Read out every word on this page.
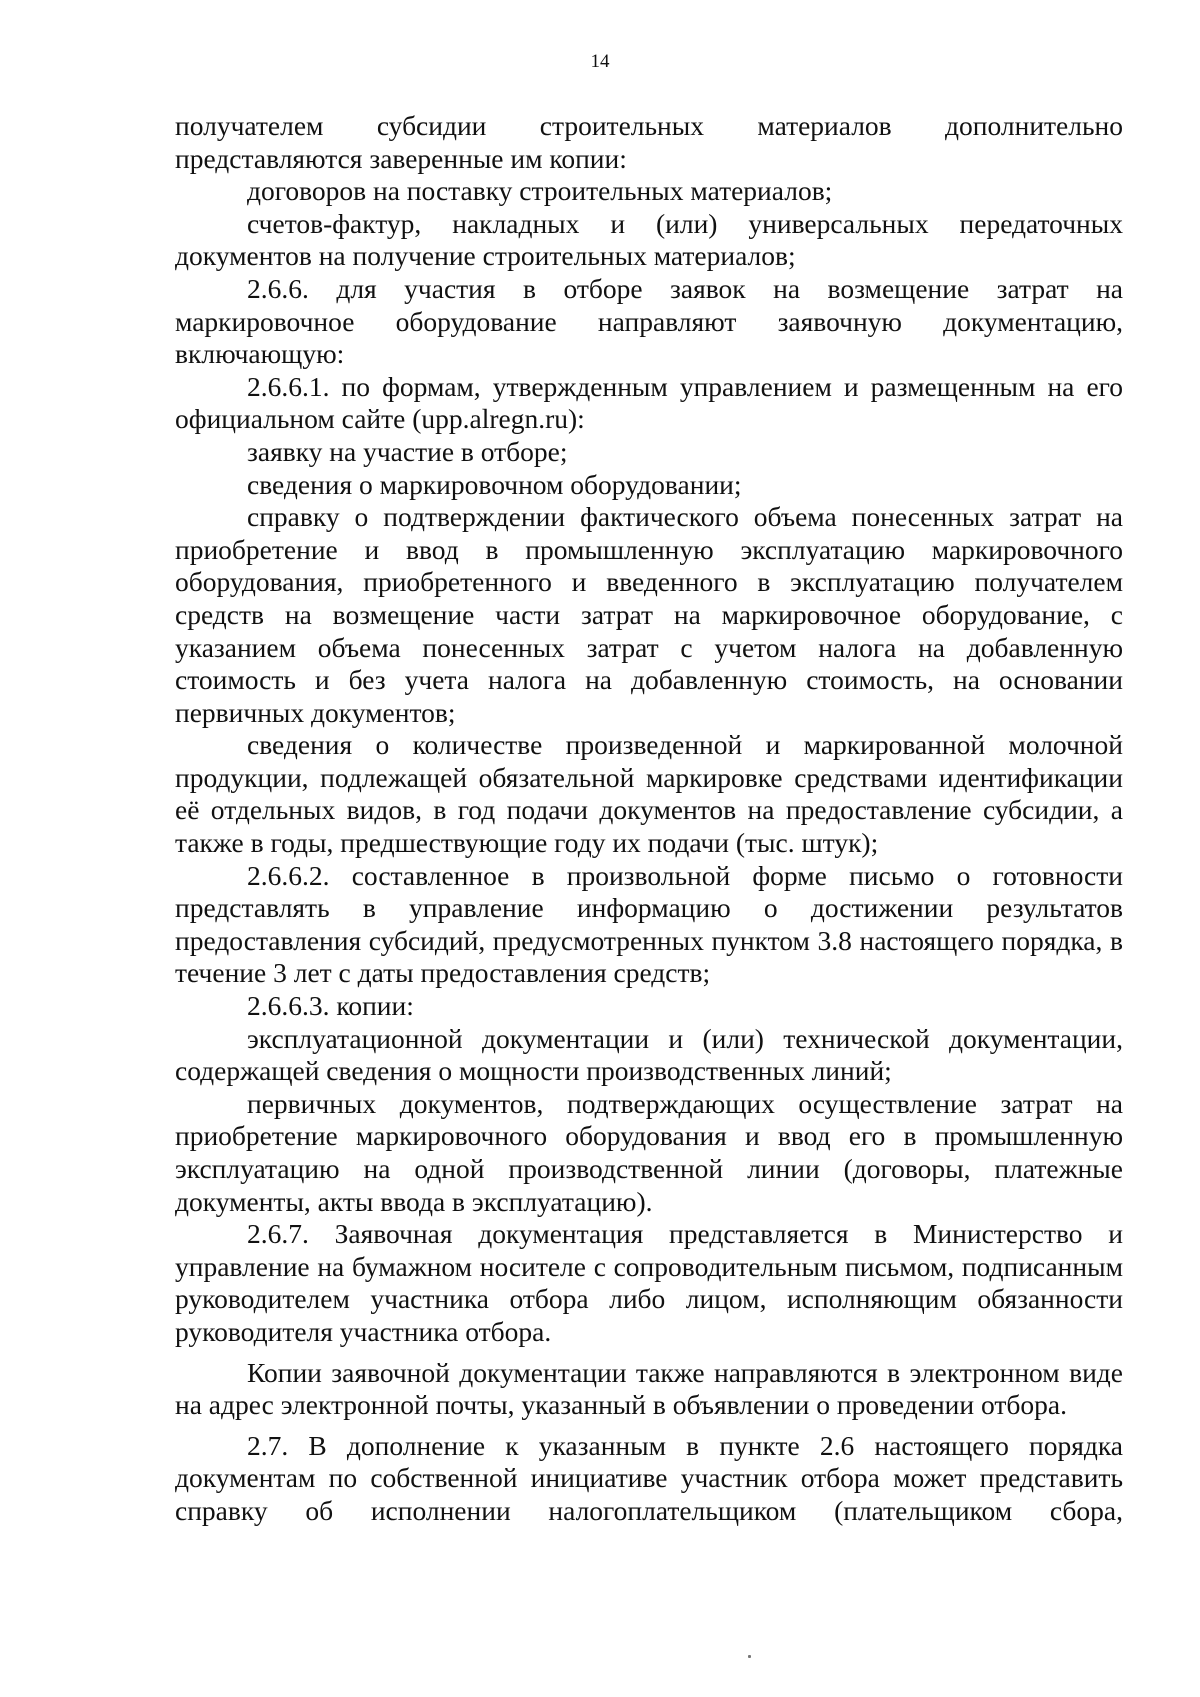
14

получателем субсидии строительных материалов дополнительно представляются заверенные им копии:

договоров на поставку строительных материалов;

счетов-фактур, накладных и (или) универсальных передаточных документов на получение строительных материалов;

2.6.6. для участия в отборе заявок на возмещение затрат на маркировочное оборудование направляют заявочную документацию, включающую:

2.6.6.1. по формам, утвержденным управлением и размещенным на его официальном сайте (upp.alregn.ru):

заявку на участие в отборе;

сведения о маркировочном оборудовании;

справку о подтверждении фактического объема понесенных затрат на приобретение и ввод в промышленную эксплуатацию маркировочного оборудования, приобретенного и введенного в эксплуатацию получателем средств на возмещение части затрат на маркировочное оборудование, с указанием объема понесенных затрат с учетом налога на добавленную стоимость и без учета налога на добавленную стоимость, на основании первичных документов;

сведения о количестве произведенной и маркированной молочной продукции, подлежащей обязательной маркировке средствами идентификации её отдельных видов, в год подачи документов на предоставление субсидии, а также в годы, предшествующие году их подачи (тыс. штук);

2.6.6.2. составленное в произвольной форме письмо о готовности представлять в управление информацию о достижении результатов предоставления субсидий, предусмотренных пунктом 3.8 настоящего порядка, в течение 3 лет с даты предоставления средств;

2.6.6.3. копии:

эксплуатационной документации и (или) технической документации, содержащей сведения о мощности производственных линий;

первичных документов, подтверждающих осуществление затрат на приобретение маркировочного оборудования и ввод его в промышленную эксплуатацию на одной производственной линии (договоры, платежные документы, акты ввода в эксплуатацию).

2.6.7. Заявочная документация представляется в Министерство и управление на бумажном носителе с сопроводительным письмом, подписанным руководителем участника отбора либо лицом, исполняющим обязанности руководителя участника отбора.

Копии заявочной документации также направляются в электронном виде на адрес электронной почты, указанный в объявлении о проведении отбора.

2.7. В дополнение к указанным в пункте 2.6 настоящего порядка документам по собственной инициативе участник отбора может представить справку об исполнении налогоплательщиком (плательщиком сбора,
